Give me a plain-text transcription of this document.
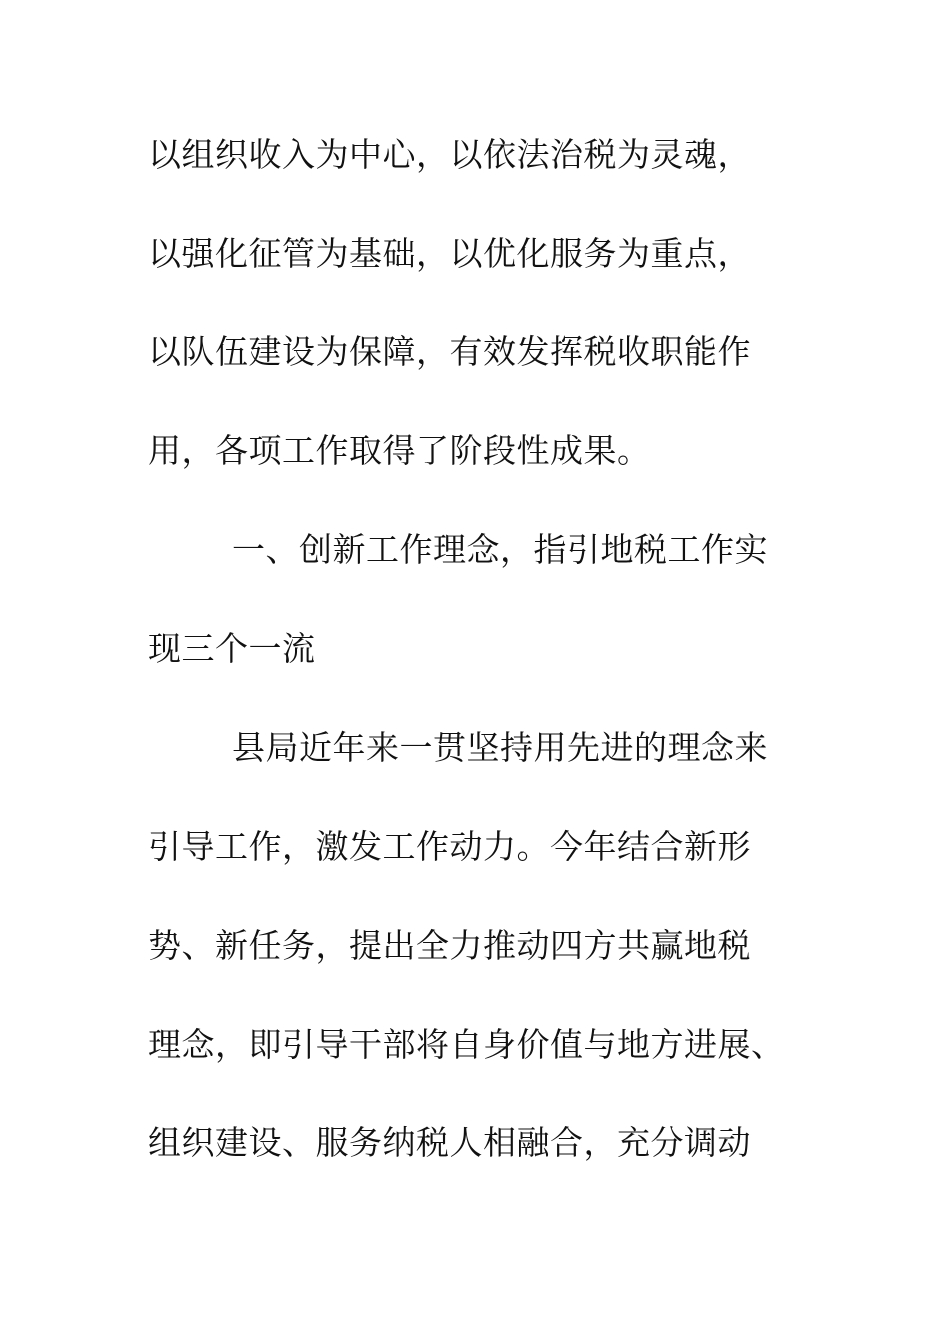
以组织收入为中心，以依法治税为灵魂，
以强化征管为基础，以优化服务为重点，
以队伍建设为保障，有效发挥税收职能作
用，各项工作取得了阶段性成果。
一、创新工作理念，指引地税工作实
现三个一流
县局近年来一贯坚持用先进的理念来
引导工作，激发工作动力。今年结合新形
势、新任务，提出全力推动四方共赢地税
理念，即引导干部将自身价值与地方进展、
组织建设、服务纳税人相融合，充分调动
